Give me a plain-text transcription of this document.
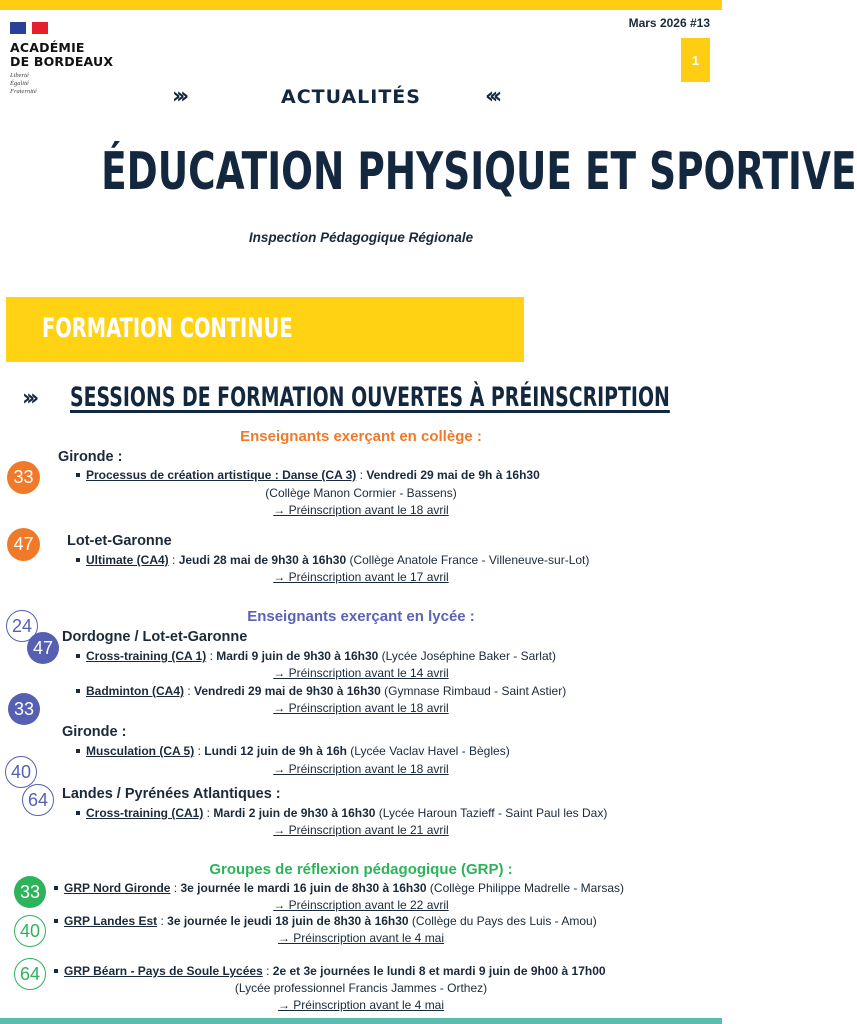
ACADÉMIE
DE BORDEAUX
Liberté
Égalité
Fraternité
Mars 2026 #13
1
›››	ACTUALITÉS	‹‹‹
ÉDUCATION PHYSIQUE ET SPORTIVE
Inspection Pédagogique Régionale
FORMATION CONTINUE
››› SESSIONS DE FORMATION OUVERTES À PRÉINSCRIPTION
Enseignants exerçant en collège :
33
Gironde :
Processus de création artistique : Danse (CA 3) : Vendredi 29 mai de 9h à 16h30
(Collège Manon Cormier - Bassens)
→ Préinscription avant le 18 avril
47	Lot-et-Garonne
Ultimate (CA4) : Jeudi 28 mai de 9h30 à 16h30 (Collège Anatole France - Villeneuve-sur-Lot)
→ Préinscription avant le 17 avril
Enseignants exerçant en lycée :
24
47
Dordogne / Lot-et-Garonne
Cross-training (CA 1) : Mardi 9 juin de 9h30 à 16h30 (Lycée Joséphine Baker - Sarlat)
→ Préinscription avant le 14 avril
Badminton (CA4) : Vendredi 29 mai de 9h30 à 16h30 (Gymnase Rimbaud - Saint Astier)
→ Préinscription avant le 18 avril
33
Gironde :
Musculation (CA 5) : Lundi 12 juin de 9h à 16h (Lycée Vaclav Havel - Bègles)
→ Préinscription avant le 18 avril
40
64 Landes / Pyrénées Atlantiques :
Cross-training (CA1) : Mardi 2 juin de 9h30 à 16h30 (Lycée Haroun Tazieff - Saint Paul les Dax)
→ Préinscription avant le 21 avril
Groupes de réflexion pédagogique (GRP) :
33	GRP Nord Gironde : 3e journée le mardi 16 juin de 8h30 à 16h30 (Collège Philippe Madrelle - Marsas)
→ Préinscription avant le 22 avril
40	GRP Landes Est : 3e journée le jeudi 18 juin de 8h30 à 16h30 (Collège du Pays des Luis - Amou)
→ Préinscription avant le 4 mai
64	GRP Béarn - Pays de Soule Lycées : 2e et 3e journées le lundi 8 et mardi 9 juin de 9h00 à 17h00
(Lycée professionnel Francis Jammes - Orthez)
→ Préinscription avant le 4 mai
